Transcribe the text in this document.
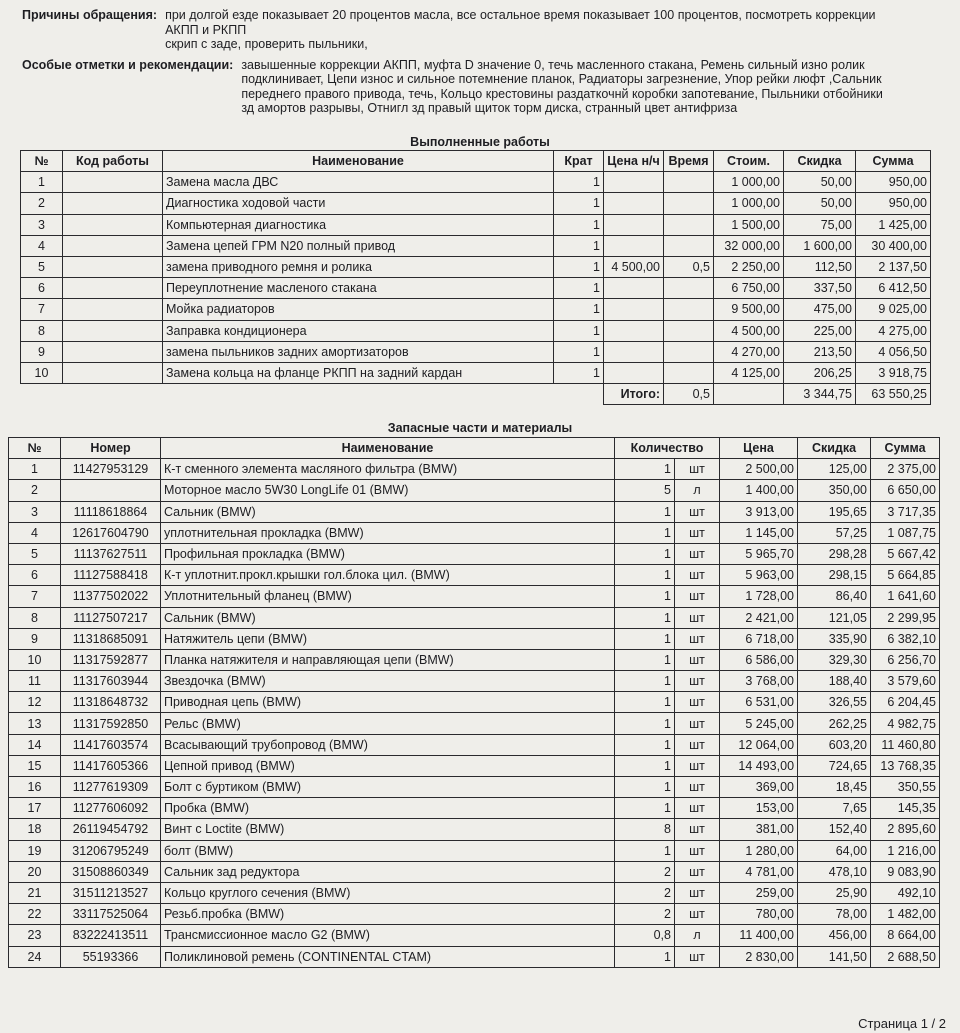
Причины обращения: при долгой езде показывает 20 процентов масла, все остальное время показывает 100 процентов, посмотреть коррекции
АКПП и РКПП
скрип с заде, проверить пыльники,
Особые отметки и рекомендации: завышенные коррекции АКПП, муфта D значение 0, течь масленного стакана, Ремень сильный изно ролик
подклинивает, Цепи износ и сильное потемнение планок, Радиаторы загрезнение, Упор рейки люфт ,Сальник
переднего правого привода, течь, Кольцо крестовины раздаткочнй коробки запотевание, Пыльники отбойники
зд амортов разрывы, Отнигл зд правый щиток торм диска, странный цвет антифриза
Выполненные работы
№	Код работы	Наименование	Крат	Цена н/ч	Время	Стоим.	Скидка	Сумма
1		Замена масла ДВС	1			1 000,00	50,00	950,00
2		Диагностика ходовой части	1			1 000,00	50,00	950,00
3		Компьютерная диагностика	1			1 500,00	75,00	1 425,00
4		Замена цепей ГРМ N20 полный привод	1			32 000,00	1 600,00	30 400,00
5		замена приводного ремня и ролика	1	4 500,00	0,5	2 250,00	112,50	2 137,50
6		Переуплотнение масленого стакана	1			6 750,00	337,50	6 412,50
7		Мойка радиаторов	1			9 500,00	475,00	9 025,00
8		Заправка кондиционера	1			4 500,00	225,00	4 275,00
9		замена пыльников задних амортизаторов	1			4 270,00	213,50	4 056,50
10		Замена кольца на фланце РКПП на задний кардан	1			4 125,00	206,25	3 918,75
				Итого:	0,5		3 344,75	63 550,25
Запасные части и материалы
№	Номер	Наименование	Количество		Цена	Скидка	Сумма
1	11427953129	К-т сменного элемента масляного фильтра (BMW)	1	шт	2 500,00	125,00	2 375,00
2		Моторное масло 5W30 LongLife 01 (BMW)	5	л	1 400,00	350,00	6 650,00
3	11118618864	Сальник (BMW)	1	шт	3 913,00	195,65	3 717,35
4	12617604790	уплотнительная прокладка (BMW)	1	шт	1 145,00	57,25	1 087,75
5	11137627511	Профильная прокладка (BMW)	1	шт	5 965,70	298,28	5 667,42
6	11127588418	К-т уплотнит.прокл.крышки гол.блока цил. (BMW)	1	шт	5 963,00	298,15	5 664,85
7	11377502022	Уплотнительный фланец (BMW)	1	шт	1 728,00	86,40	1 641,60
8	11127507217	Сальник (BMW)	1	шт	2 421,00	121,05	2 299,95
9	11318685091	Натяжитель цепи (BMW)	1	шт	6 718,00	335,90	6 382,10
10	11317592877	Планка натяжителя и направляющая цепи (BMW)	1	шт	6 586,00	329,30	6 256,70
11	11317603944	Звездочка (BMW)	1	шт	3 768,00	188,40	3 579,60
12	11318648732	Приводная цепь (BMW)	1	шт	6 531,00	326,55	6 204,45
13	11317592850	Рельс (BMW)	1	шт	5 245,00	262,25	4 982,75
14	11417603574	Всасывающий трубопровод (BMW)	1	шт	12 064,00	603,20	11 460,80
15	11417605366	Цепной привод (BMW)	1	шт	14 493,00	724,65	13 768,35
16	11277619309	Болт с буртиком (BMW)	1	шт	369,00	18,45	350,55
17	11277606092	Пробка (BMW)	1	шт	153,00	7,65	145,35
18	26119454792	Винт с Loctite (BMW)	8	шт	381,00	152,40	2 895,60
19	31206795249	болт (BMW)	1	шт	1 280,00	64,00	1 216,00
20	31508860349	Сальник зад редуктора	2	шт	4 781,00	478,10	9 083,90
21	31511213527	Кольцо круглого сечения (BMW)	2	шт	259,00	25,90	492,10
22	33117525064	Резьб.пробка (BMW)	2	шт	780,00	78,00	1 482,00
23	83222413511	Трансмиссионное масло G2 (BMW)	0,8	л	11 400,00	456,00	8 664,00
24	55193366	Поликлиновой ремень (CONTINENTAL CTAM)	1	шт	2 830,00	141,50	2 688,50
Страница 1 / 2
